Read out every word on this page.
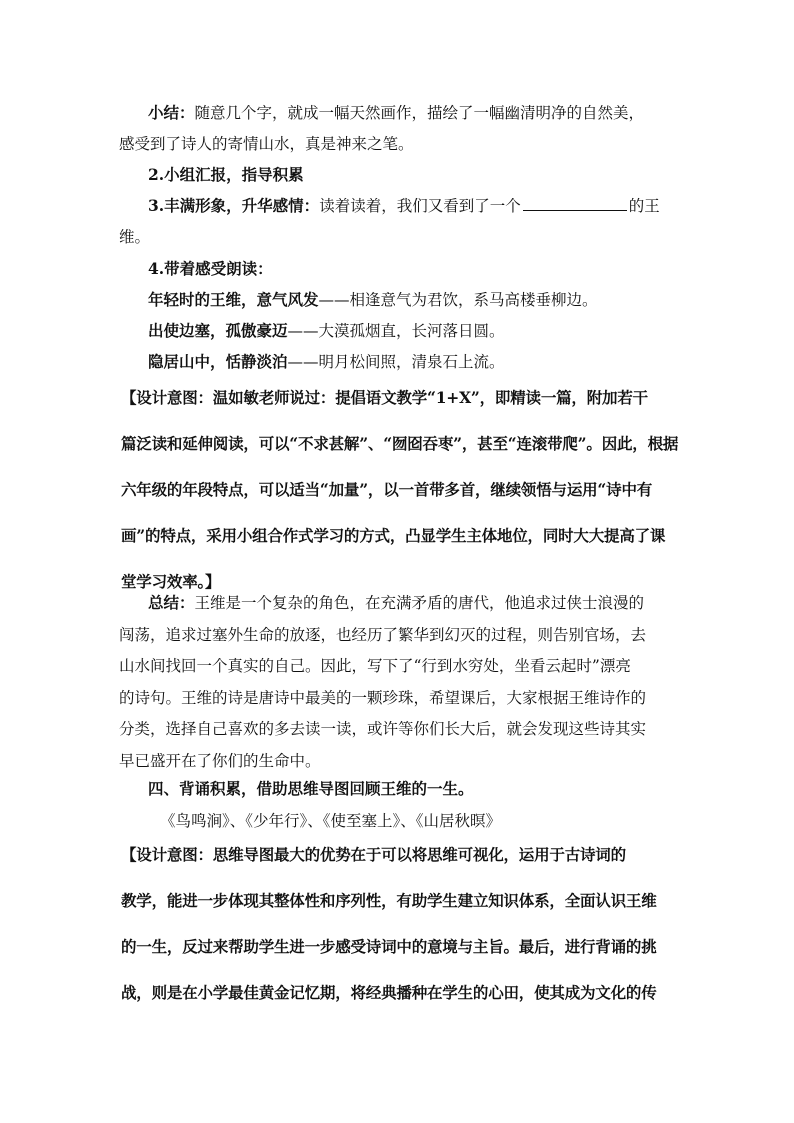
小结：随意几个字，就成一幅天然画作，描绘了一幅幽清明净的自然美，
感受到了诗人的寄情山水，真是神来之笔。
2.小组汇报，指导积累
3.丰满形象，升华感情：读着读着，我们又看到了一个	的王
维。
4.带着感受朗读：
年轻时的王维，意气风发——相逢意气为君饮，系马高楼垂柳边。
出使边塞，孤傲豪迈——大漠孤烟直，长河落日圆。
隐居山中，恬静淡泊——明月松间照，清泉石上流。
【设计意图：温如敏老师说过：提倡语文教学“1+X”，即精读一篇，附加若干
篇泛读和延伸阅读，可以“不求甚解”、“囫囵吞枣”，甚至“连滚带爬”。因此，根据
六年级的年段特点，可以适当“加量”，以一首带多首，继续领悟与运用“诗中有
画”的特点，采用小组合作式学习的方式，凸显学生主体地位，同时大大提高了课
堂学习效率。】
总结：王维是一个复杂的角色，在充满矛盾的唐代，他追求过侠士浪漫的
闯荡，追求过塞外生命的放逐，也经历了繁华到幻灭的过程，则告别官场，去
山水间找回一个真实的自己。因此，写下了“行到水穷处，坐看云起时”漂亮
的诗句。王维的诗是唐诗中最美的一颗珍珠，希望课后，大家根据王维诗作的
分类，选择自己喜欢的多去读一读，或许等你们长大后，就会发现这些诗其实
早已盛开在了你们的生命中。
四、背诵积累，借助思维导图回顾王维的一生。
《鸟鸣涧》、《少年行》、《使至塞上》、《山居秋暝》
【设计意图：思维导图最大的优势在于可以将思维可视化，运用于古诗词的
教学，能进一步体现其整体性和序列性，有助学生建立知识体系，全面认识王维
的一生，反过来帮助学生进一步感受诗词中的意境与主旨。最后，进行背诵的挑
战，则是在小学最佳黄金记忆期，将经典播种在学生的心田，使其成为文化的传
